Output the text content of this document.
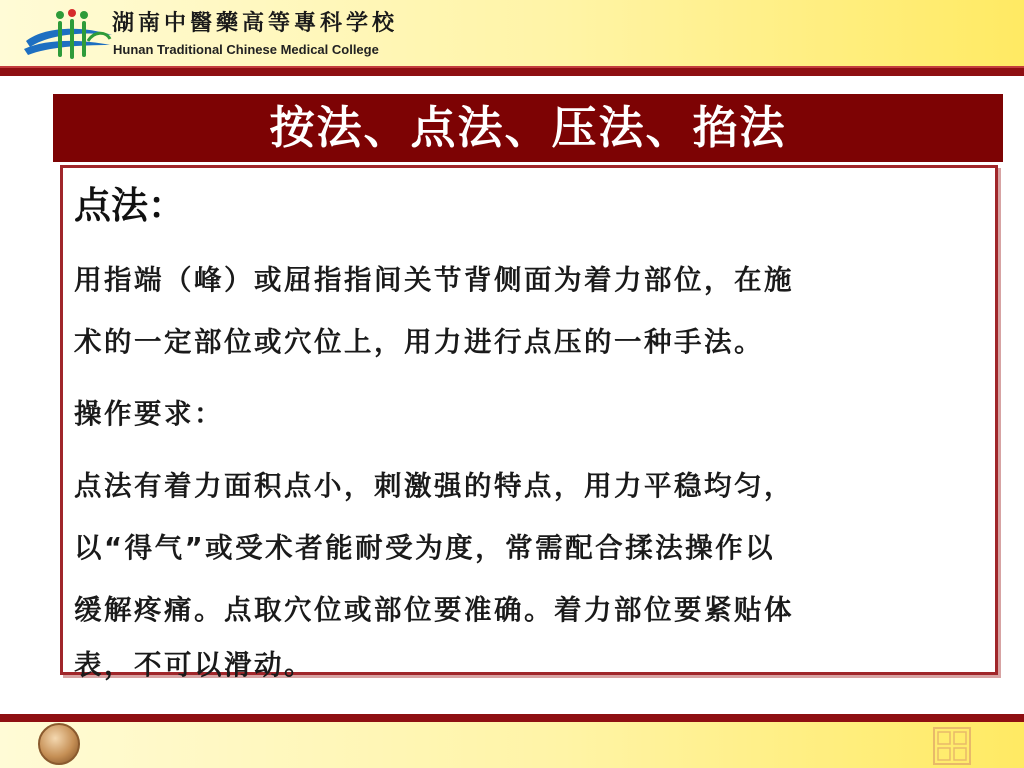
湖南中醫藥高等專科学校
Hunan Traditional Chinese Medical College
按法、点法、压法、掐法
点法：
用指端（峰）或屈指指间关节背侧面为着力部位，在施
术的一定部位或穴位上，用力进行点压的一种手法。
操作要求：
点法有着力面积点小，刺激强的特点，用力平稳均匀，
以“得气”或受术者能耐受为度，常需配合揉法操作以
缓解疼痛。点取穴位或部位要准确。着力部位要紧贴体
表，不可以滑动。
